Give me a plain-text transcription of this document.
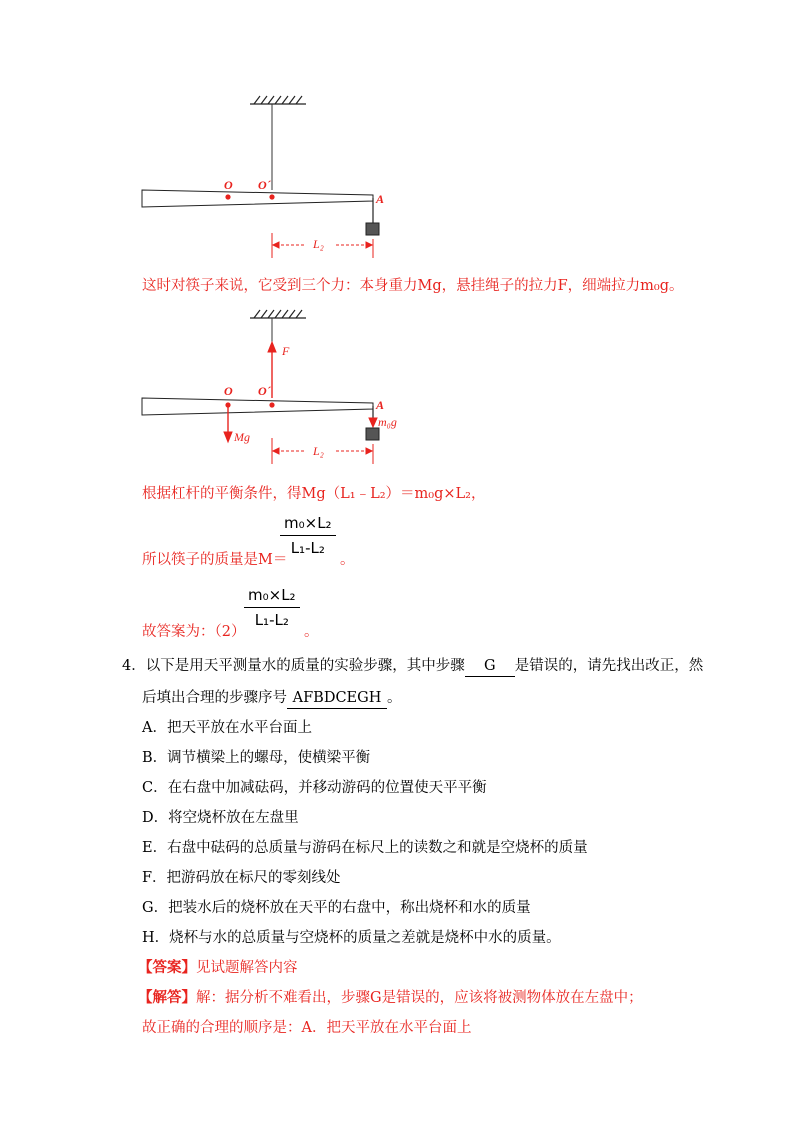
O O´
A
L₂
这时对筷子来说，它受到三个力：本身重力Mg，悬挂绳子的拉力F，细端拉力m₀g。
F
O O´
A
m₀g
Mg
L₂
根据杠杆的平衡条件，得Mg（L₁﹣L₂）＝m₀g×L₂，
所以筷子的质量是M＝
m₀×L₂
L₁-L₂
。
故答案为：（2）
m₀×L₂
L₁-L₂
。
4．以下是用天平测量水的质量的实验步骤，其中步骤 G 是错误的，请先找出改正，然
后填出合理的步骤序号 AFBDCEGH 。
A．把天平放在水平台面上
B．调节横梁上的螺母，使横梁平衡
C．在右盘中加减砝码，并移动游码的位置使天平平衡
D．将空烧杯放在左盘里
E．右盘中砝码的总质量与游码在标尺上的读数之和就是空烧杯的质量
F．把游码放在标尺的零刻线处
G．把装水后的烧杯放在天平的右盘中，称出烧杯和水的质量
H．烧杯与水的总质量与空烧杯的质量之差就是烧杯中水的质量。
【答案】见试题解答内容
【解答】解：据分析不难看出，步骤G是错误的，应该将被测物体放在左盘中；
故正确的合理的顺序是：A．把天平放在水平台面上
